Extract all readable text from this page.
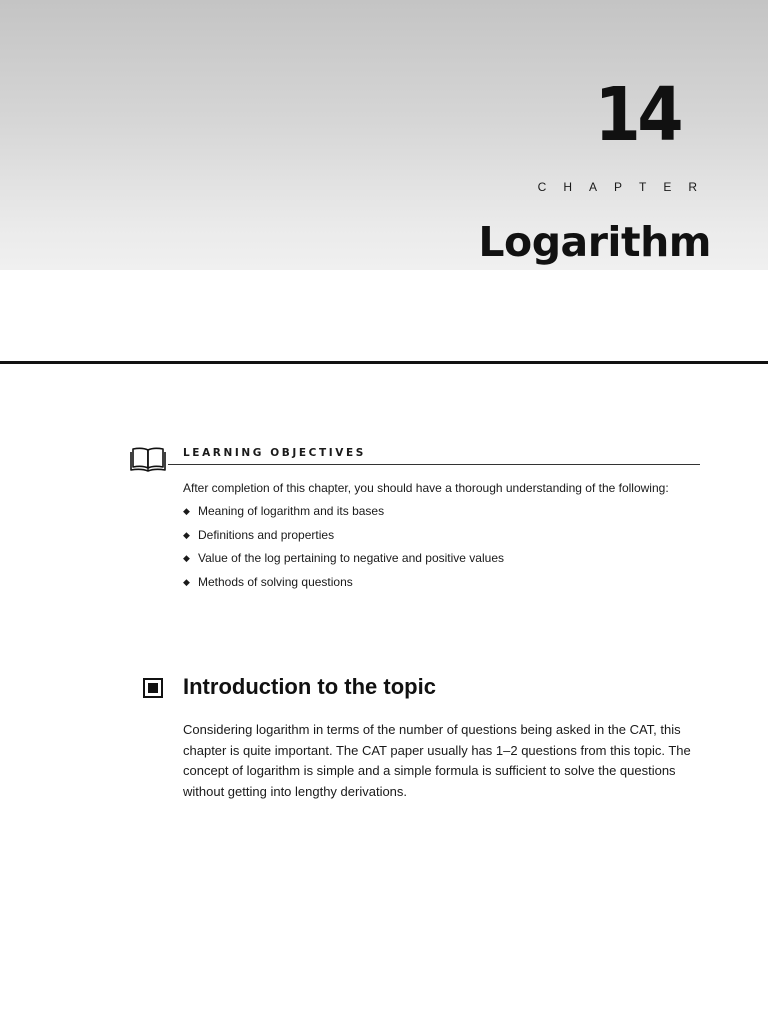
14
CHAPTER
Logarithm
LEARNING OBJECTIVES
After completion of this chapter, you should have a thorough understanding of the following:
◆ Meaning of logarithm and its bases
◆ Definitions and properties
◆ Value of the log pertaining to negative and positive values
◆ Methods of solving questions
Introduction to the topic

Considering logarithm in terms of the number of questions being asked in the CAT, this
chapter is quite important. The CAT paper usually has 1–2 questions from this topic. The
concept of logarithm is simple and a simple formula is sufficient to solve the questions
without getting into lengthy derivations.
